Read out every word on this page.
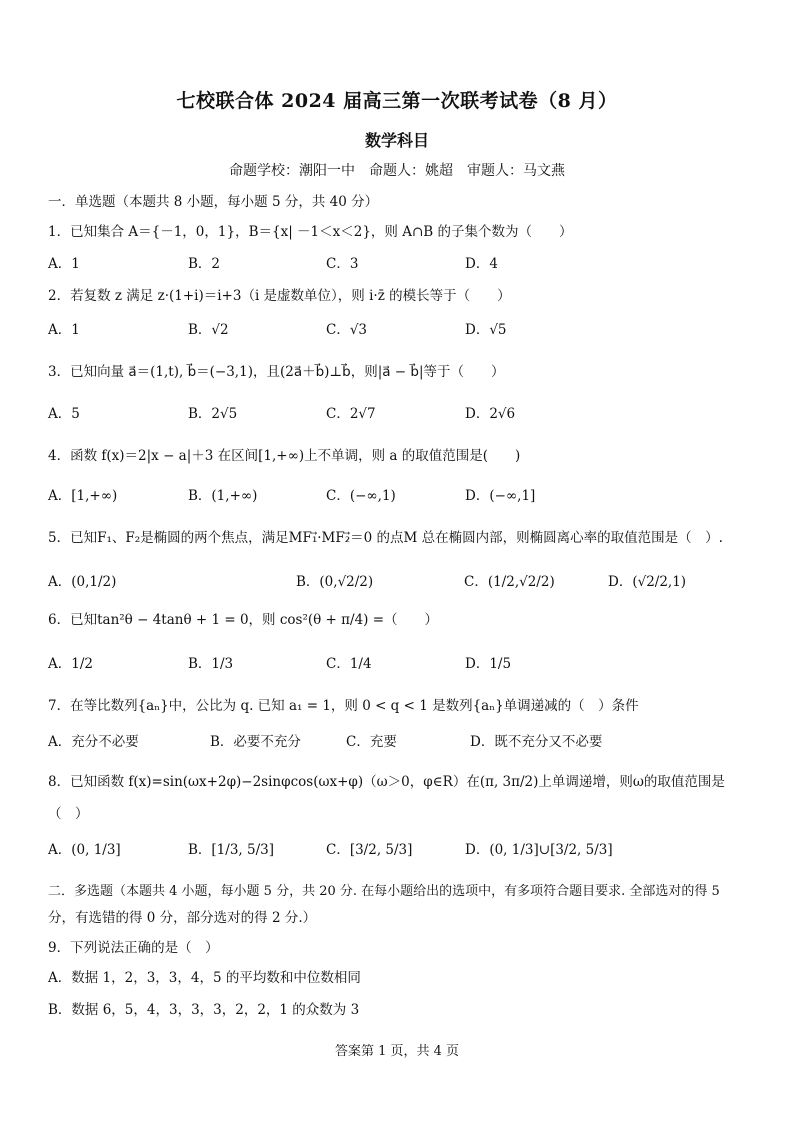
七校联合体 2024 届高三第一次联考试卷（8 月）
数学科目
命题学校：潮阳一中　命题人：姚超　审题人：马文燕
一．单选题（本题共 8 小题，每小题 5 分，共 40 分）
1．已知集合 A＝{－1，0，1}，B＝{x| －1＜x＜2}，则 A∩B 的子集个数为（　　）
A．1	B．2	C．3	D．4
2．若复数 z 满足 z·(1+i)＝i+3（i 是虚数单位），则 i·z̄ 的模长等于（　　）
A．1	B．√2	C．√3	D．√5
3．已知向量 a⃗＝(1,t), b⃗＝(−3,1)，且(2a⃗＋b⃗)⊥b⃗，则|a⃗ − b⃗|等于（　　）
A．5	B．2√5	C．2√7	D．2√6
4．函数 f(x)＝2|x − a|＋3 在区间[1,+∞)上不单调，则 a 的取值范围是(　　)
A．[1,+∞)	B．(1,+∞)	C．(−∞,1)	D．(−∞,1]
5．已知F₁、F₂是椭圆的两个焦点，满足MF₁⃗·MF₂⃗＝0 的点M 总在椭圆内部，则椭圆离心率的取值范围是（　）.
A．(0,1/2)	B．(0,√2/2)	C．(1/2,√2/2)	D．(√2/2,1)
6．已知tan²θ − 4tanθ + 1 = 0，则 cos²(θ + π/4) =（　　）
A．1/2	B．1/3	C．1/4	D．1/5
7．在等比数列{aₙ}中，公比为 q. 已知 a₁ = 1，则 0 < q < 1 是数列{aₙ}单调递减的（　）条件
A．充分不必要	B．必要不充分	C．充要	D．既不充分又不必要
8．已知函数 f(x)=sin(ωx+2φ)−2sinφcos(ωx+φ)（ω＞0，φ∈R）在(π, 3π/2)上单调递增，则ω的取值范围是
（　）
A．(0, 1/3]	B．[1/3, 5/3]	C．[3/2, 5/3]	D．(0, 1/3]∪[3/2, 5/3]
二．多选题（本题共 4 小题，每小题 5 分，共 20 分. 在每小题给出的选项中，有多项符合题目要求. 全部选对的得 5
分，有选错的得 0 分，部分选对的得 2 分.）
9．下列说法正确的是（　）
A．数据 1，2，3，3，4，5 的平均数和中位数相同
B．数据 6，5，4，3，3，3，2，2，1 的众数为 3
答案第 1 页，共 4 页
